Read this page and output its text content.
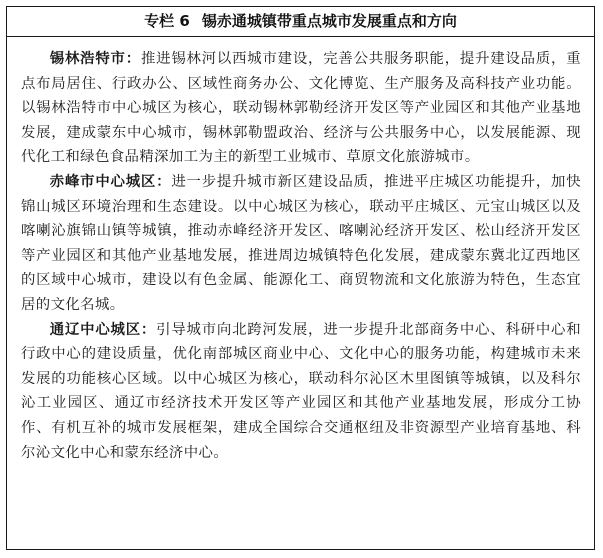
专栏 6 锡赤通城镇带重点城市发展重点和方向

锡林浩特市：推进锡林河以西城市建设，完善公共服务职能，提升建设品质，重点布局居住、行政办公、区域性商务办公、文化博览、生产服务及高科技产业功能。以锡林浩特市中心城区为核心，联动锡林郭勒经济开发区等产业园区和其他产业基地发展，建成蒙东中心城市，锡林郭勒盟政治、经济与公共服务中心，以发展能源、现代化工和绿色食品精深加工为主的新型工业城市、草原文化旅游城市。

赤峰市中心城区：进一步提升城市新区建设品质，推进平庄城区功能提升，加快锦山城区环境治理和生态建设。以中心城区为核心，联动平庄城区、元宝山城区以及喀喇沁旗锦山镇等城镇，推动赤峰经济开发区、喀喇沁经济开发区、松山经济开发区等产业园区和其他产业基地发展，推进周边城镇特色化发展，建成蒙东冀北辽西地区的区域中心城市，建设以有色金属、能源化工、商贸物流和文化旅游为特色，生态宜居的文化名城。

通辽中心城区：引导城市向北跨河发展，进一步提升北部商务中心、科研中心和行政中心的建设质量，优化南部城区商业中心、文化中心的服务功能，构建城市未来发展的功能核心区域。以中心城区为核心，联动科尔沁区木里图镇等城镇，以及科尔沁工业园区、通辽市经济技术开发区等产业园区和其他产业基地发展，形成分工协作、有机互补的城市发展框架，建成全国综合交通枢纽及非资源型产业培育基地、科尔沁文化中心和蒙东经济中心。
